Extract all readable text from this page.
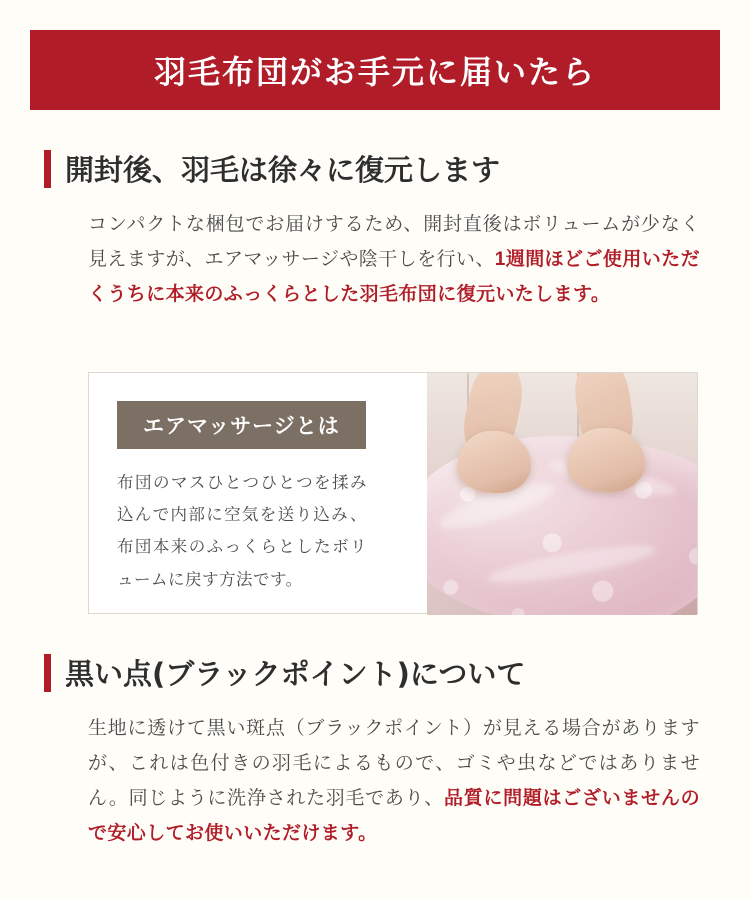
羽毛布団がお手元に届いたら
開封後、羽毛は徐々に復元します
コンパクトな梱包でお届けするため、開封直後はボリュームが少なく見えますが、エアマッサージや陰干しを行い、1週間ほどご使用いただくうちに本来のふっくらとした羽毛布団に復元いたします。
エアマッサージとは
布団のマスひとつひとつを揉み込んで内部に空気を送り込み、布団本来のふっくらとしたボリュームに戻す方法です。
黒い点(ブラックポイント)について
生地に透けて黒い斑点（ブラックポイント）が見える場合がありますが、これは色付きの羽毛によるもので、ゴミや虫などではありません。同じように洗浄された羽毛であり、品質に問題はございませんので安心してお使いいただけます。
